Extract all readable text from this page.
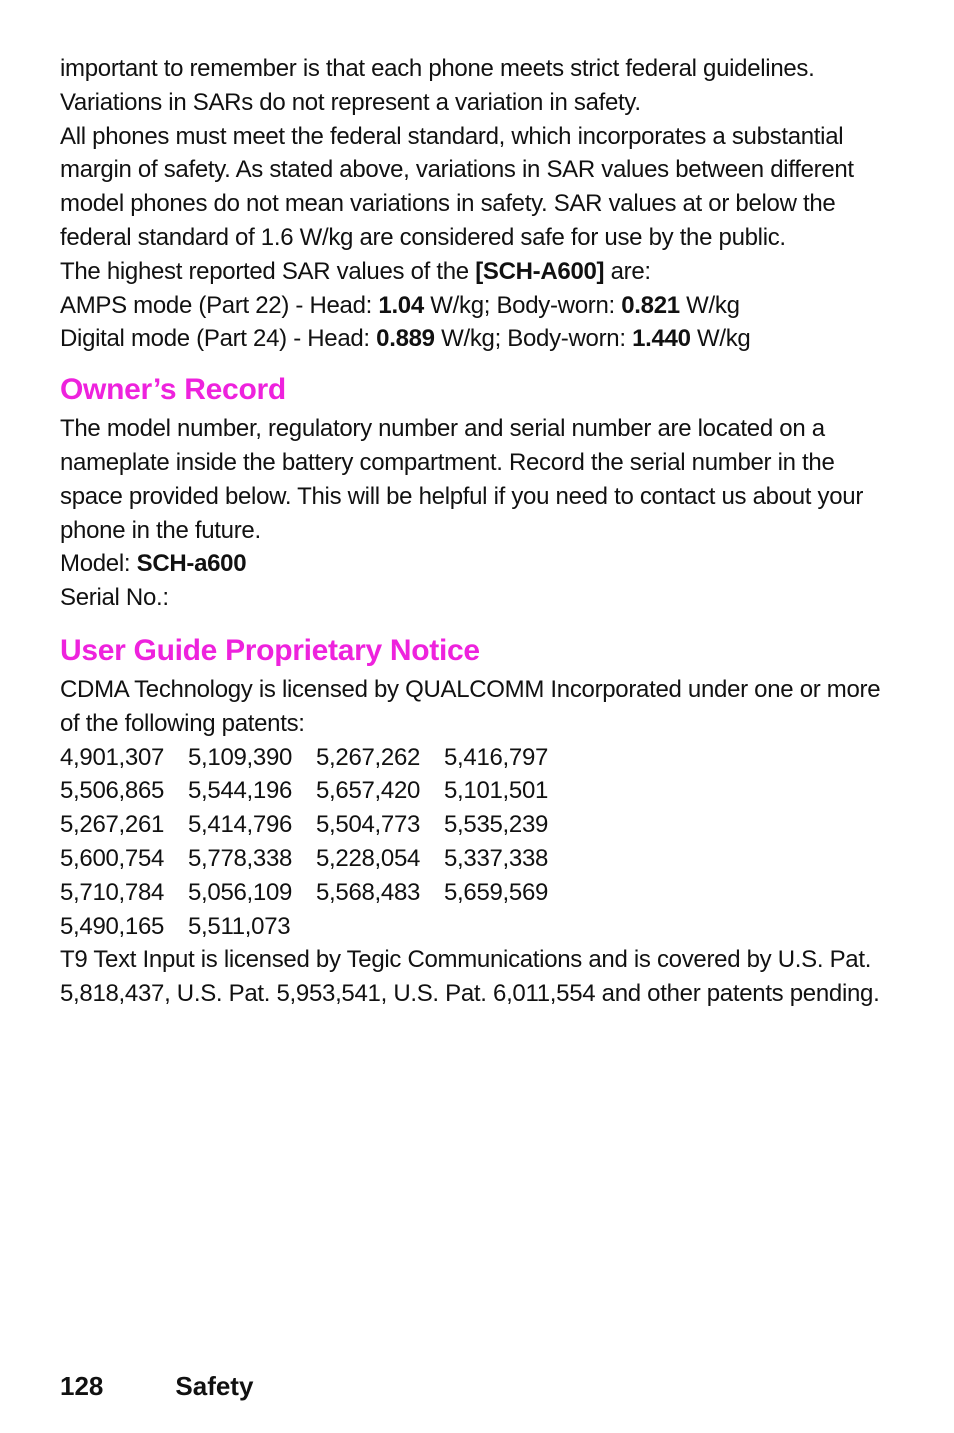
important to remember is that each phone meets strict federal guidelines.

Variations in SARs do not represent a variation in safety.

All phones must meet the federal standard, which incorporates a substantial margin of safety. As stated above, variations in SAR values between different model phones do not mean variations in safety. SAR values at or below the federal standard of 1.6 W/kg are considered safe for use by the public.

The highest reported SAR values of the [SCH-A600] are:

AMPS mode (Part 22) - Head: 1.04 W/kg; Body-worn: 0.821 W/kg

Digital mode (Part 24) - Head: 0.889 W/kg; Body-worn: 1.440 W/kg

Owner’s Record

The model number, regulatory number and serial number are located on a nameplate inside the battery compartment. Record the serial number in the space provided below. This will be helpful if you need to contact us about your phone in the future.

Model: SCH-a600

Serial No.:

User Guide Proprietary Notice

CDMA Technology is licensed by QUALCOMM Incorporated under one or more of the following patents:

4,901,307 5,109,390 5,267,262 5,416,797
5,506,865 5,544,196 5,657,420 5,101,501
5,267,261 5,414,796 5,504,773 5,535,239
5,600,754 5,778,338 5,228,054 5,337,338
5,710,784 5,056,109 5,568,483 5,659,569
5,490,165 5,511,073

T9 Text Input is licensed by Tegic Communications and is covered by U.S. Pat. 5,818,437, U.S. Pat. 5,953,541, U.S. Pat. 6,011,554 and other patents pending.

128	Safety
